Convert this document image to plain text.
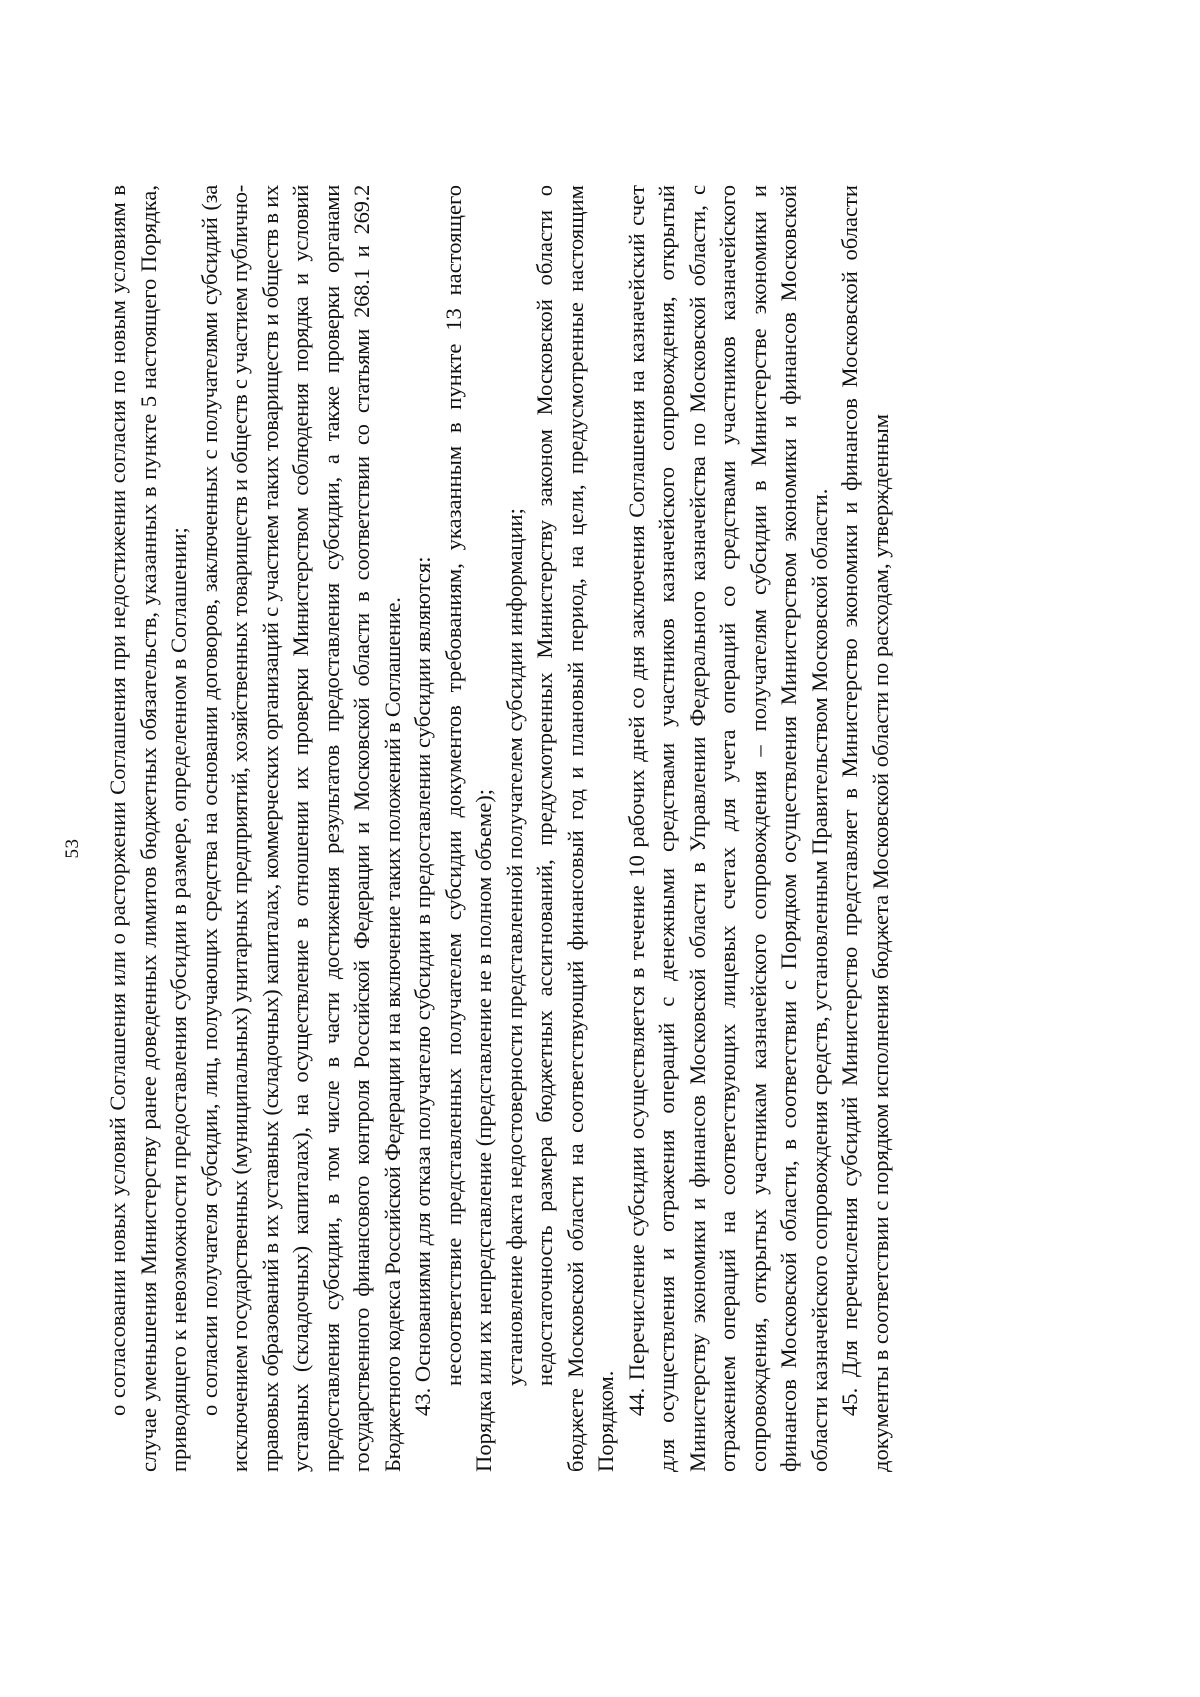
53 о согласовании новых условий Соглашения или о расторжении Соглашения при недостижении согласия по новым условиям в случае уменьшения Министерству ранее доведенных лимитов бюджетных обязательств, указанных в пункте 5 настоящего Порядка, приводящего к невозможности предоставления субсидии в размере, определенном в Соглашении; о согласии получателя субсидии, лиц, получающих средства на основании договоров, заключенных с получателями субсидий (за исключением государственных (муниципальных) унитарных предприятий, хозяйственных товариществ и обществ с участием публично-правовых образований в их уставных (складочных) капиталах, коммерческих организаций с участием таких товариществ и обществ в их уставных (складочных) капиталах), на осуществление в отношении их проверки Министерством соблюдения порядка и условий предоставления субсидии, в том числе в части достижения результатов предоставления субсидии, а также проверки органами государственного финансового контроля Российской Федерации и Московской области в соответствии со статьями 268.1 и 269.2 Бюджетного кодекса Российской Федерации и на включение таких положений в Соглашение. 43. Основаниями для отказа получателю субсидии в предоставлении субсидии являются: несоответствие представленных получателем субсидии документов требованиям, указанным в пункте 13 настоящего Порядка или их непредставление (представление не в полном объеме); установление факта недостоверности представленной получателем субсидии информации; недостаточность размера бюджетных ассигнований, предусмотренных Министерству законом Московской области о бюджете Московской области на соответствующий финансовый год и плановый период, на цели, предусмотренные настоящим Порядком.

44. Перечисление субсидии осуществляется в течение 10 рабочих дней со дня заключения Соглашения на казначейский счет для осуществления и отражения операций с денежными средствами участников казначейского сопровождения, открытый Министерству экономики и финансов Московской области в Управлении Федерального казначейства по Московской области, с отражением операций на соответствующих лицевых счетах для учета операций со средствами участников казначейского сопровождения, открытых участникам казначейского сопровождения – получателям субсидии в Министерстве экономики и финансов Московской области, в соответствии с Порядком осуществления Министерством экономики и финансов Московской области казначейского сопровождения средств, установленным Правительством Московской области. 45. Для перечисления субсидий Министерство представляет в Министерство экономики и финансов Московской области документы в соответствии с порядком исполнения бюджета Московской области по расходам, утвержденным
